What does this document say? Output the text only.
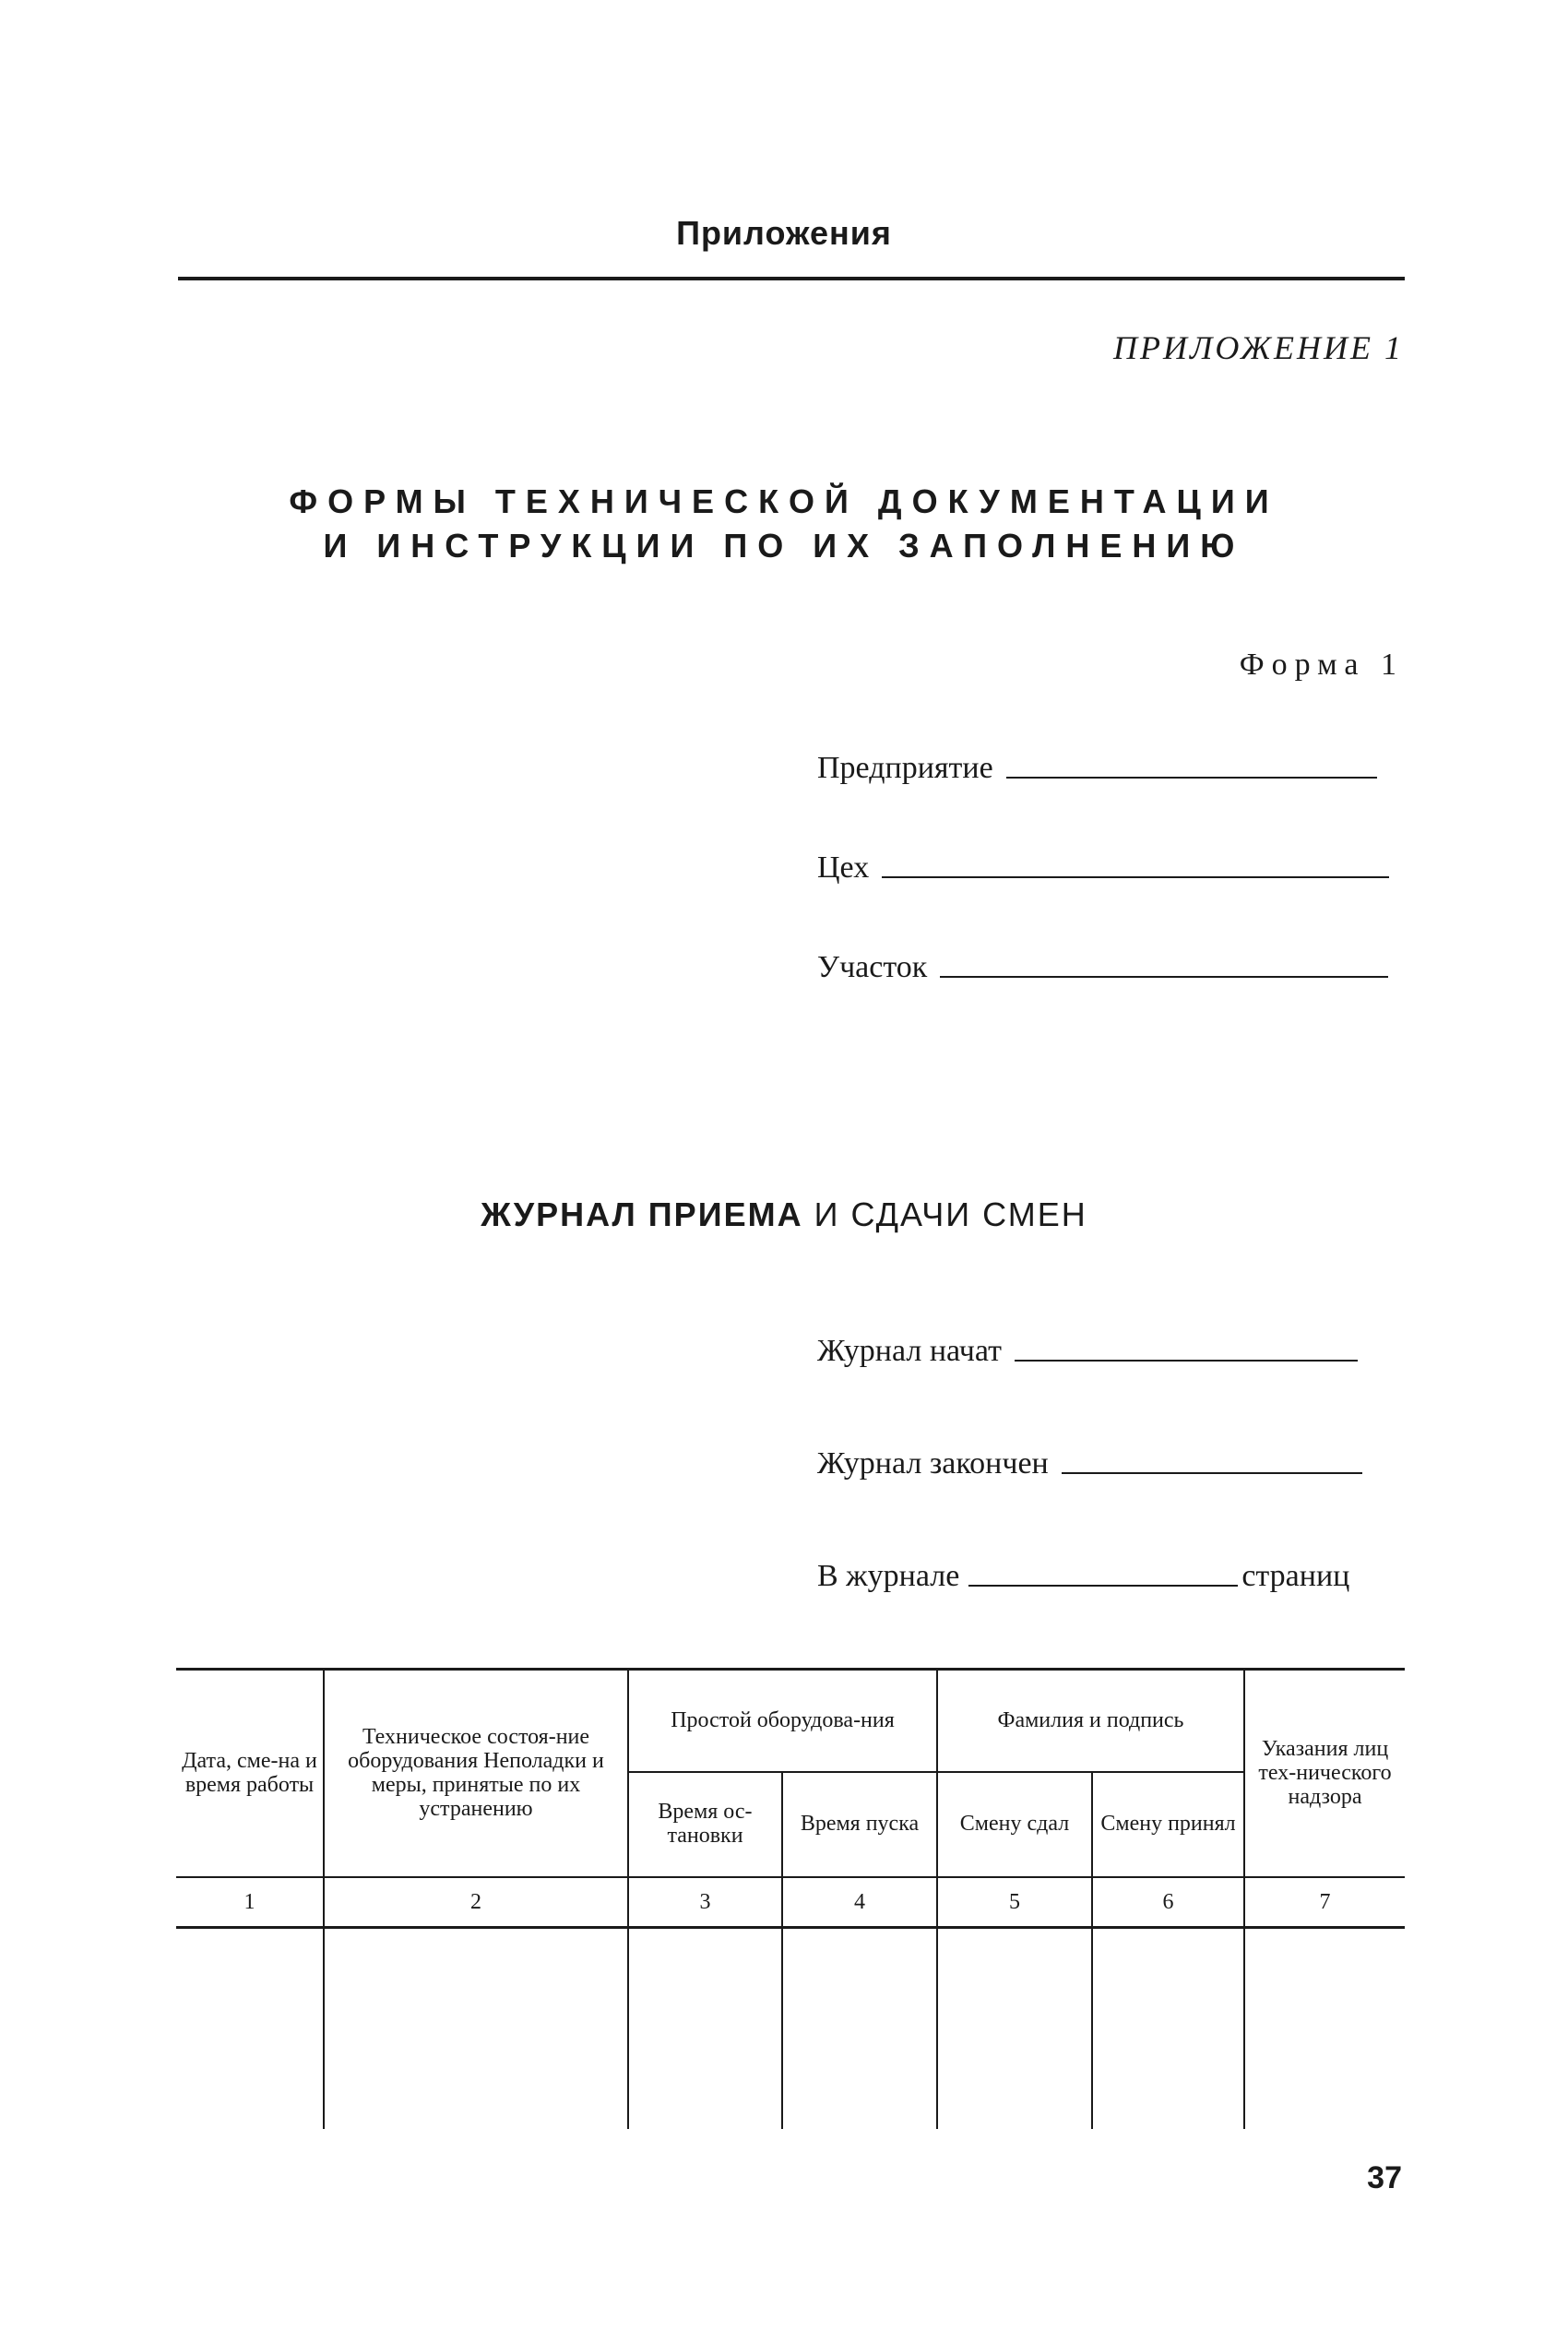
Приложения
ПРИЛОЖЕНИЕ 1
ФОРМЫ ТЕХНИЧЕСКОЙ ДОКУМЕНТАЦИИ
И ИНСТРУКЦИИ ПО ИХ ЗАПОЛНЕНИЮ
Форма 1
Предприятие
Цех
Участок
ЖУРНАЛ ПРИЕМА И СДАЧИ СМЕН
Журнал начат
Журнал закончен
В журнале	страниц
Дата, сме-на и время работы
Техническое состоя-ние оборудования Неполадки и меры, принятые по их устранению
Простой оборудова-ния
Время ос-тановки	Время пуска
Фамилия и подпись
Смену сдал	Смену принял
Указания лиц тех-нического надзора
1	2	3	4	5	6	7
37
